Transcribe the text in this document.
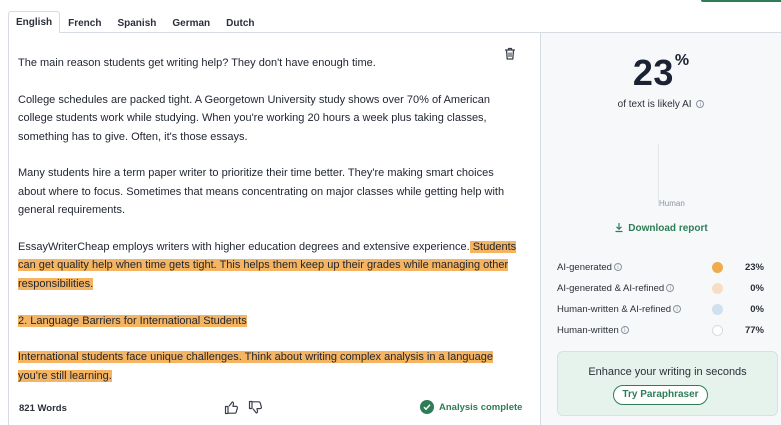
English	French	Spanish	German	Dutch

The main reason students get writing help? They don't have enough time.

College schedules are packed tight. A Georgetown University study shows over 70% of American college students work while studying. When you're working 20 hours a week plus taking classes, something has to give. Often, it's those essays.

Many students hire a term paper writer to prioritize their time better. They're making smart choices about where to focus. Sometimes that means concentrating on major classes while getting help with general requirements.

EssayWriterCheap employs writers with higher education degrees and extensive experience. Students can get quality help when time gets tight. This helps them keep up their grades while managing other responsibilities.

2. Language Barriers for International Students

International students face unique challenges. Think about writing complex analysis in a language you're still learning.

821 Words	Analysis complete
23%
of text is likely AI i
Human
Download report
AI-generated i	23%
AI-generated & AI-refined i	0%
Human-written & AI-refined i	0%
Human-written i	77%
Enhance your writing in seconds
Try Paraphraser
